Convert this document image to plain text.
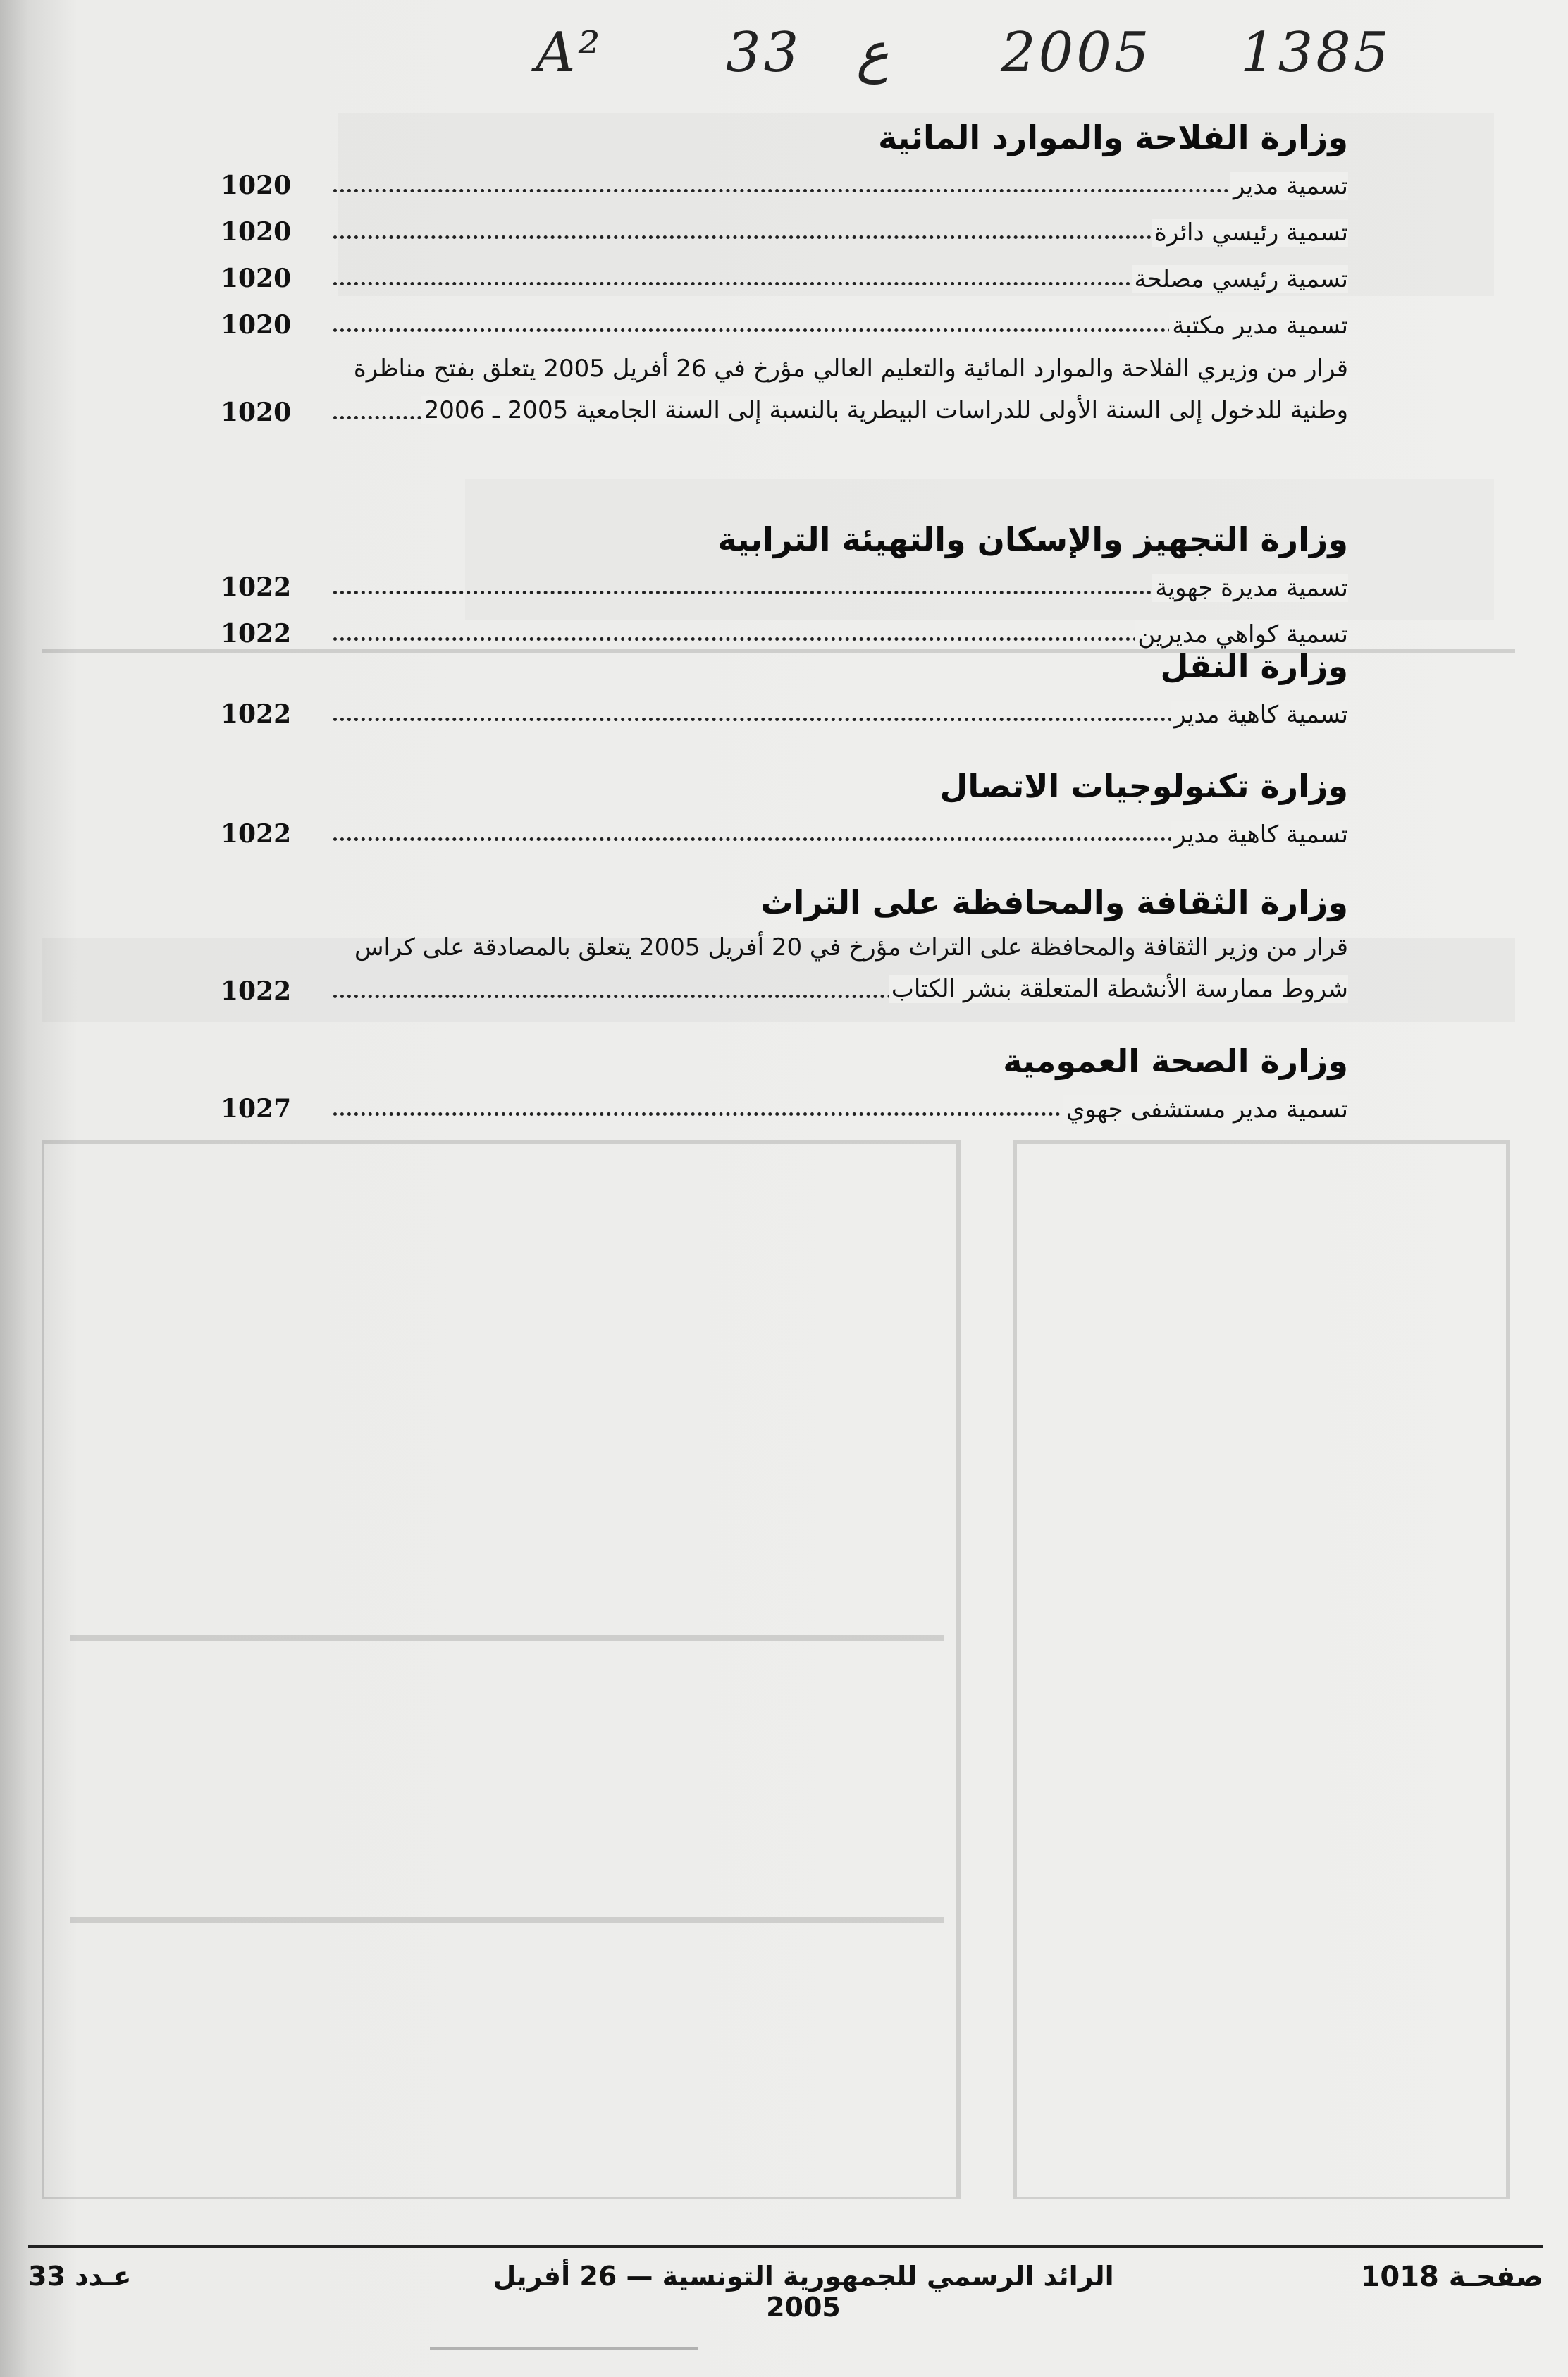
A² 33 ع 2005 1385
وزارة الفلاحة والموارد المائية
تسمية مدير
1020
تسمية رئيسي دائرة
1020
تسمية رئيسي مصلحة
1020
تسمية مدير مكتبة
1020
قرار من وزيري الفلاحة والموارد المائية والتعليم العالي مؤرخ في 26 أفريل 2005 يتعلق بفتح مناظرة
وطنية للدخول إلى السنة الأولى للدراسات البيطرية بالنسبة إلى السنة الجامعية 2005 ـ 2006
1020
وزارة التجهيز والإسكان والتهيئة الترابية
تسمية مديرة جهوية
1022
تسمية كواهي مديرين
1022
وزارة النقل
تسمية كاهية مدير
1022
وزارة تكنولوجيات الاتصال
تسمية كاهية مدير
1022
وزارة الثقافة والمحافظة على التراث
قرار من وزير الثقافة والمحافظة على التراث مؤرخ في 20 أفريل 2005 يتعلق بالمصادقة على كراس
شروط ممارسة الأنشطة المتعلقة بنشر الكتاب
1022
وزارة الصحة العمومية
تسمية مدير مستشفى جهوي
1027
عـدد 33	الرائد الرسمي للجمهورية التونسية — 26 أفريل 2005
صفحـة 1018
